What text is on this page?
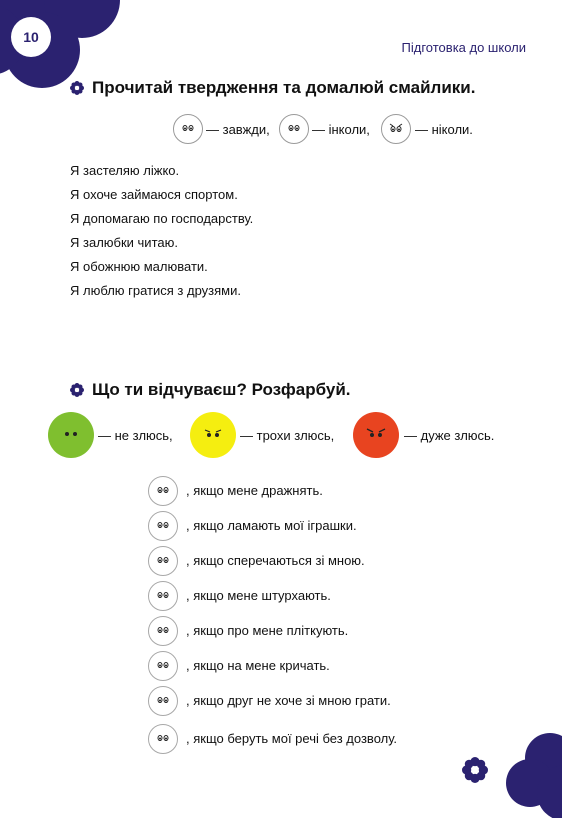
10
Підготовка до школи
Прочитай твердження та домалюй смайлики.
— завжди,	— інколи,	— ніколи.
Я застеляю ліжко.
Я охоче займаюся спортом.
Я допомагаю по господарству.
Я залюбки читаю.
Я обожнюю малювати.
Я люблю гратися з друзями.
Що ти відчуваєш? Розфарбуй.
— не злюсь,	— трохи злюсь,	— дуже злюсь.
, якщо мене дражнять.
, якщо ламають мої іграшки.
, якщо сперечаються зі мною.
, якщо мене штурхають.
, якщо про мене пліткують.
, якщо на мене кричать.
, якщо друг не хоче зі мною грати.
, якщо беруть мої речі без дозволу.
